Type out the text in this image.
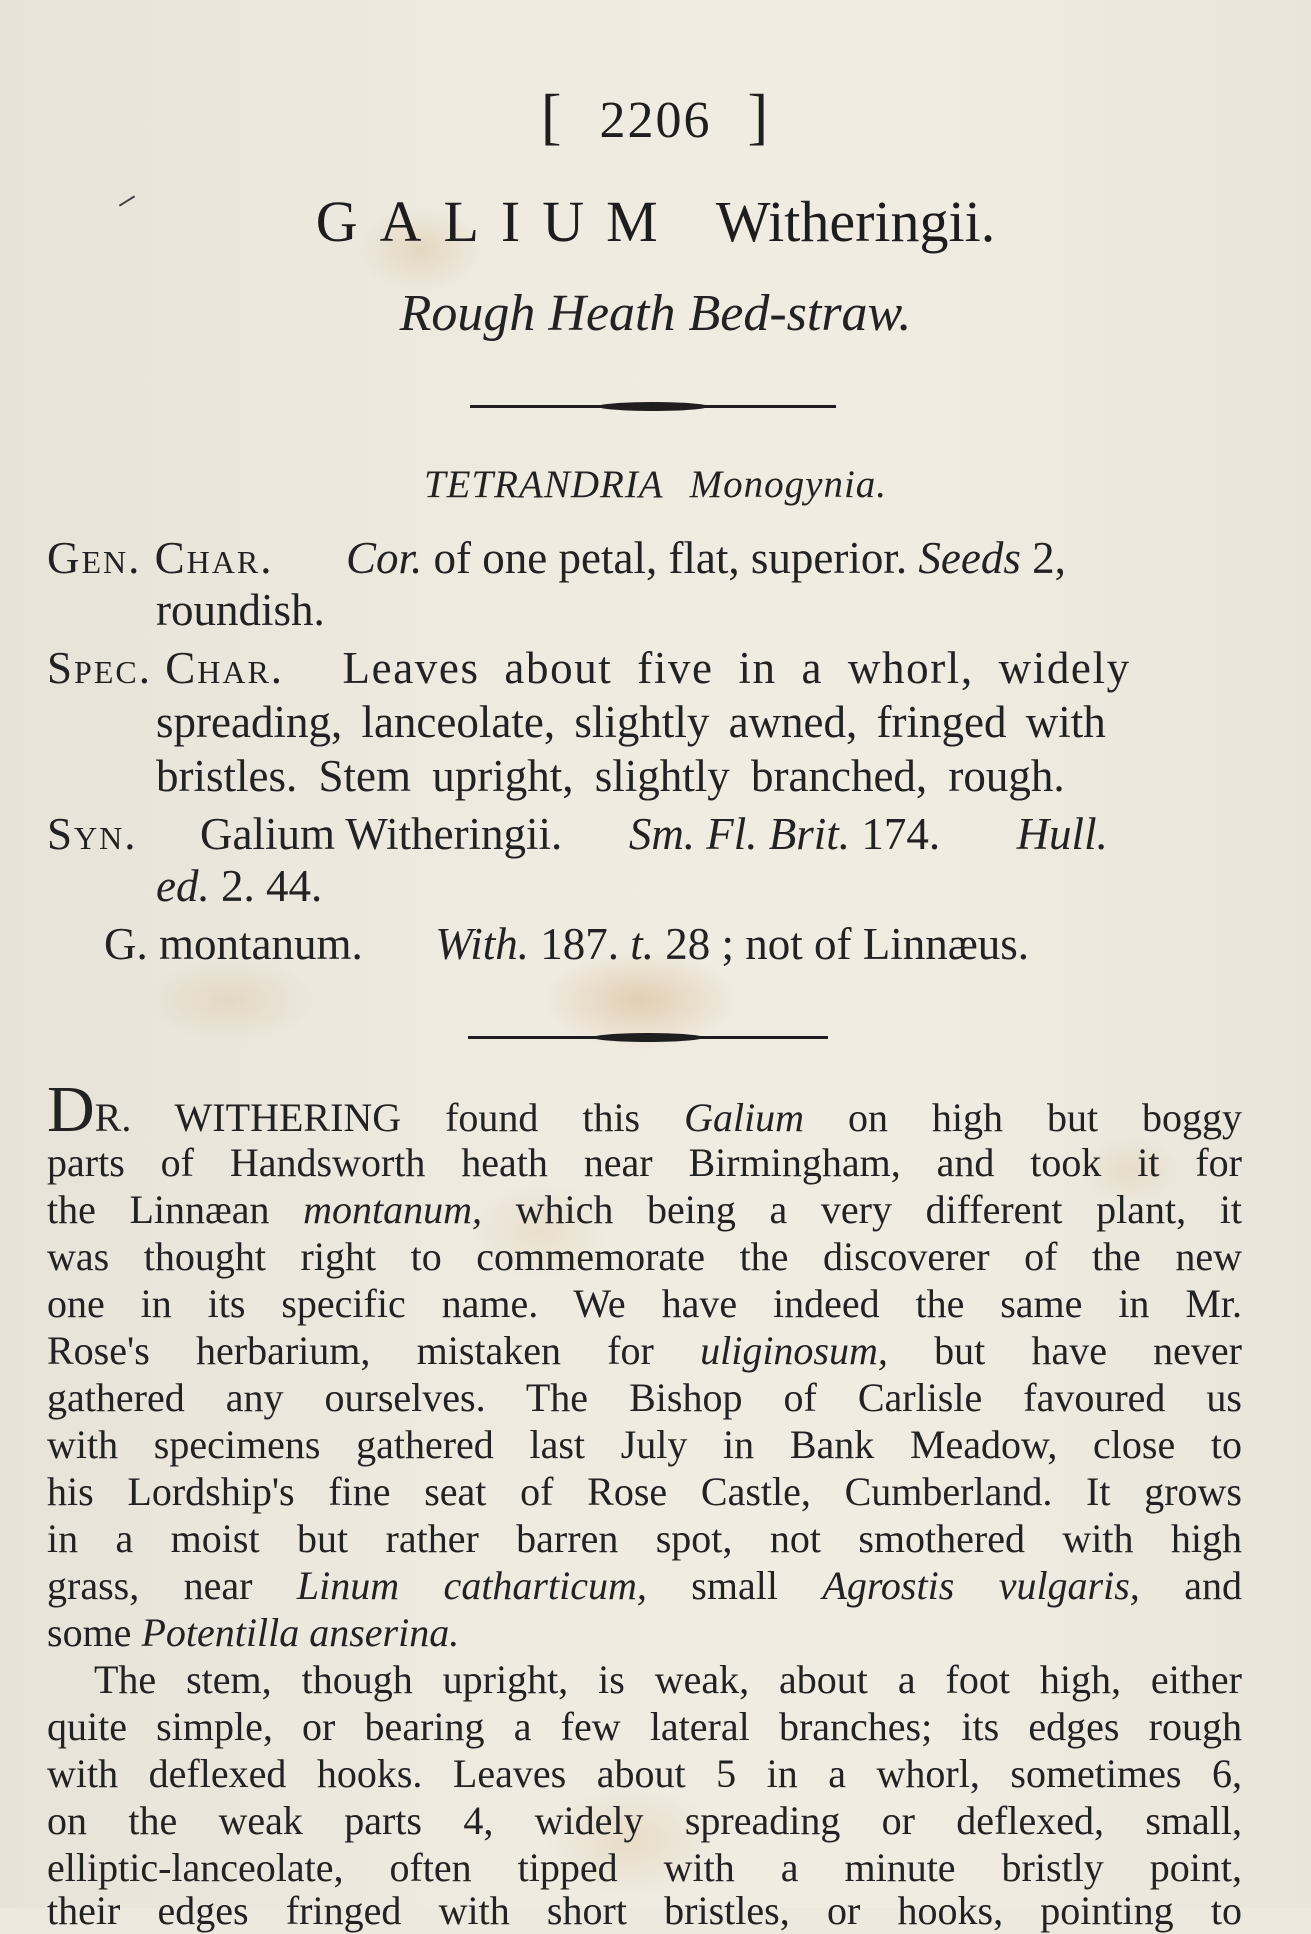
[ 2206 ]
GALIUM Witheringii.
Rough Heath Bed-straw.
TETRANDRIA Monogynia.
Gen. Char. Cor. of one petal, flat, superior. Seeds 2,
roundish.
Spec. Char. Leaves about five in a whorl, widely
spreading, lanceolate, slightly awned, fringed with
bristles. Stem upright, slightly branched, rough.
Syn. Galium Witheringii. Sm. Fl. Brit. 174. Hull.
ed. 2. 44.
G. montanum. With. 187. t. 28 ; not of Linnæus.
DR. WITHERING found this Galium on high but boggy
parts of Handsworth heath near Birmingham, and took it for
the Linnæan montanum, which being a very different plant, it
was thought right to commemorate the discoverer of the new
one in its specific name. We have indeed the same in Mr.
Rose's herbarium, mistaken for uliginosum, but have never
gathered any ourselves. The Bishop of Carlisle favoured us
with specimens gathered last July in Bank Meadow, close to
his Lordship's fine seat of Rose Castle, Cumberland. It grows
in a moist but rather barren spot, not smothered with high
grass, near Linum catharticum, small Agrostis vulgaris, and
some Potentilla anserina.
The stem, though upright, is weak, about a foot high, either
quite simple, or bearing a few lateral branches; its edges rough
with deflexed hooks. Leaves about 5 in a whorl, sometimes 6,
on the weak parts 4, widely spreading or deflexed, small,
elliptic-lanceolate, often tipped with a minute bristly point,
their edges fringed with short bristles, or hooks, pointing to
